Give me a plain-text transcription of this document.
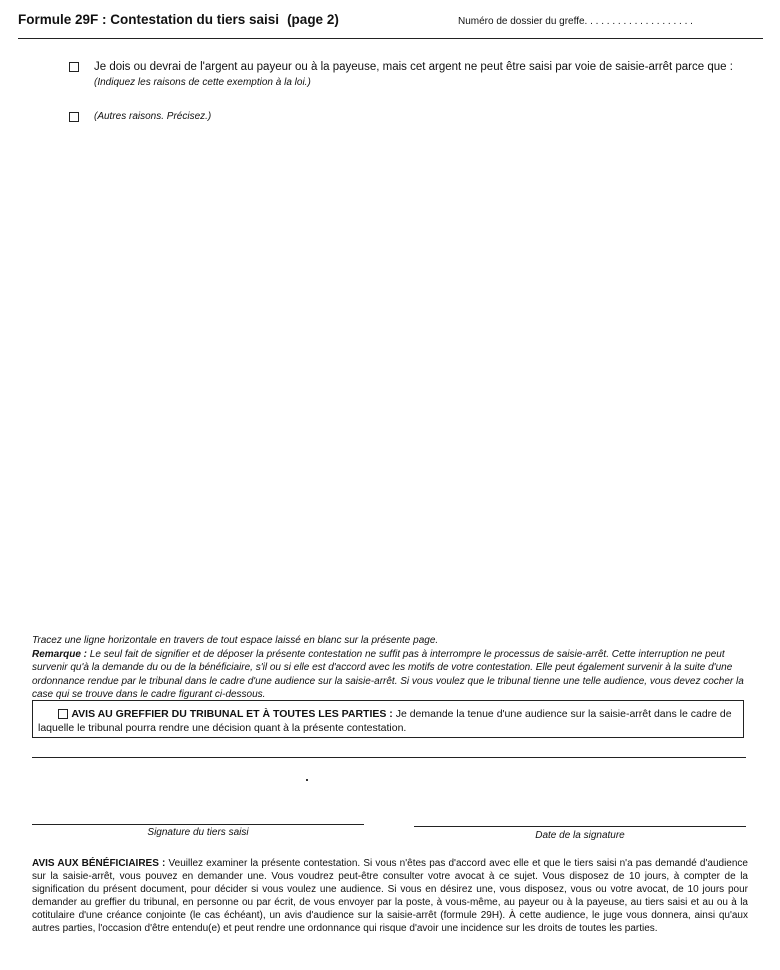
Formule 29F : Contestation du tiers saisi (page 2)	Numéro de dossier du greffe. . . . . . . . . . . . . . . . . . . .
Je dois ou devrai de l'argent au payeur ou à la payeuse, mais cet argent ne peut être saisi par voie de saisie-arrêt parce que : (Indiquez les raisons de cette exemption à la loi.)
(Autres raisons. Précisez.)
Tracez une ligne horizontale en travers de tout espace laissé en blanc sur la présente page.
Remarque : Le seul fait de signifier et de déposer la présente contestation ne suffit pas à interrompre le processus de saisie-arrêt. Cette interruption ne peut survenir qu'à la demande du ou de la bénéficiaire, s'il ou si elle est d'accord avec les motifs de votre contestation. Elle peut également survenir à la suite d'une ordonnance rendue par le tribunal dans le cadre d'une audience sur la saisie-arrêt. Si vous voulez que le tribunal tienne une telle audience, vous devez cocher la case qui se trouve dans le cadre figurant ci-dessous.
AVIS AU GREFFIER DU TRIBUNAL ET À TOUTES LES PARTIES : Je demande la tenue d'une audience sur la saisie-arrêt dans le cadre de laquelle le tribunal pourra rendre une décision quant à la présente contestation.
Signature du tiers saisi	Date de la signature
AVIS AUX BÉNÉFICIAIRES : Veuillez examiner la présente contestation. Si vous n'êtes pas d'accord avec elle et que le tiers saisi n'a pas demandé d'audience sur la saisie-arrêt, vous pouvez en demander une. Vous voudrez peut-être consulter votre avocat à ce sujet. Vous disposez de 10 jours, à compter de la signification du présent document, pour décider si vous voulez une audience. Si vous en désirez une, vous disposez, vous ou votre avocat, de 10 jours pour demander au greffier du tribunal, en personne ou par écrit, de vous envoyer par la poste, à vous-même, au payeur ou à la payeuse, au tiers saisi et au ou à la cotitulaire d'une créance conjointe (le cas échéant), un avis d'audience sur la saisie-arrêt (formule 29H). À cette audience, le juge vous donnera, ainsi qu'aux autres parties, l'occasion d'être entendu(e) et peut rendre une ordonnance qui risque d'avoir une incidence sur les droits de toutes les parties.
